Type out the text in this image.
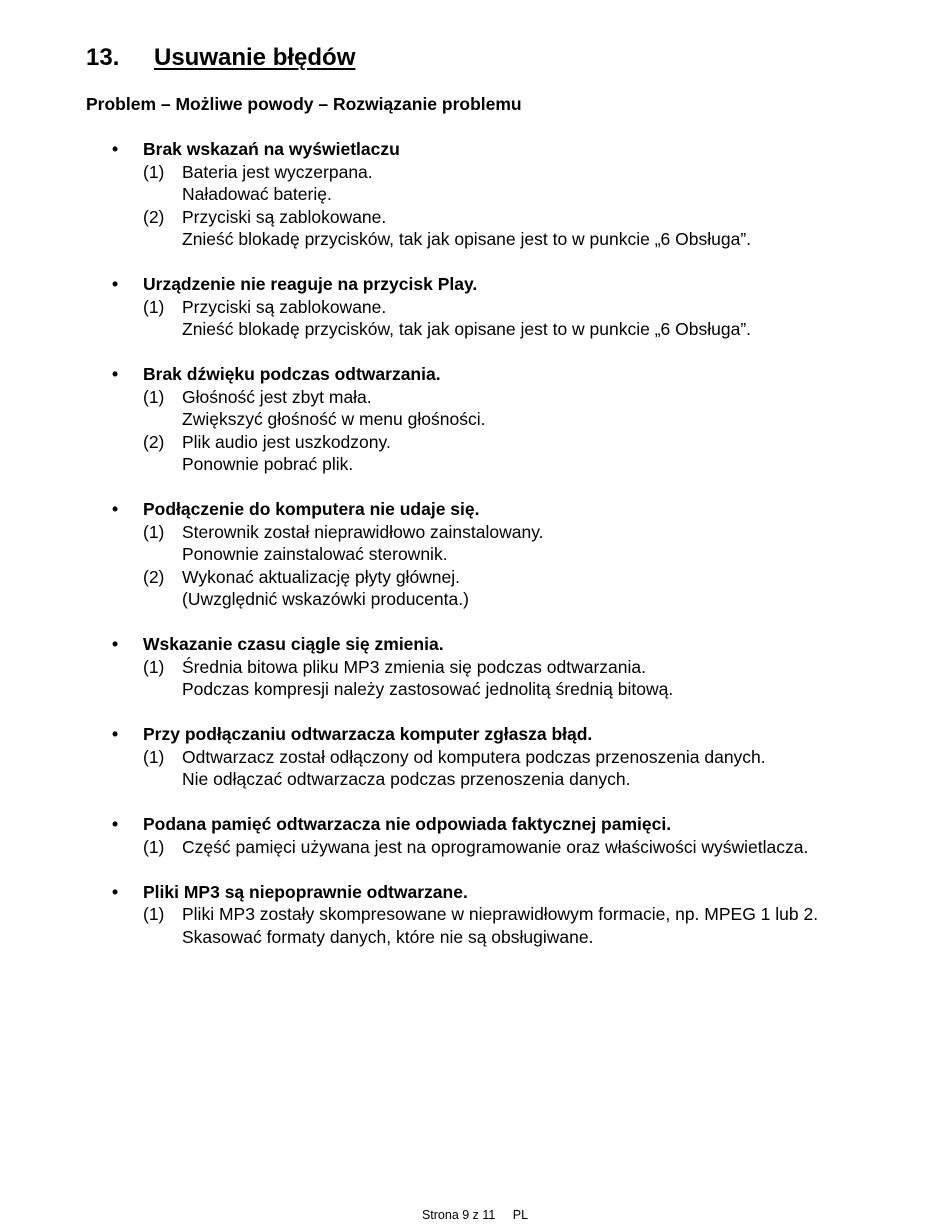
13. Usuwanie błędów
Problem – Możliwe powody – Rozwiązanie problemu
• Brak wskazań na wyświetlaczu
(1) Bateria jest wyczerpana.
Naładować baterię.
(2) Przyciski są zablokowane.
Znieść blokadę przycisków, tak jak opisane jest to w punkcie „6 Obsługa”.
• Urządzenie nie reaguje na przycisk Play.
(1) Przyciski są zablokowane.
Znieść blokadę przycisków, tak jak opisane jest to w punkcie „6 Obsługa”.
• Brak dźwięku podczas odtwarzania.
(1) Głośność jest zbyt mała.
Zwiększyć głośność w menu głośności.
(2) Plik audio jest uszkodzony.
Ponownie pobrać plik.
• Podłączenie do komputera nie udaje się.
(1) Sterownik został nieprawidłowo zainstalowany.
Ponownie zainstalować sterownik.
(2) Wykonać aktualizację płyty głównej.
(Uwzględnić wskazówki producenta.)
• Wskazanie czasu ciągle się zmienia.
(1) Średnia bitowa pliku MP3 zmienia się podczas odtwarzania.
Podczas kompresji należy zastosować jednolitą średnią bitową.
• Przy podłączaniu odtwarzacza komputer zgłasza błąd.
(1) Odtwarzacz został odłączony od komputera podczas przenoszenia danych.
Nie odłączać odtwarzacza podczas przenoszenia danych.
• Podana pamięć odtwarzacza nie odpowiada faktycznej pamięci.
(1) Część pamięci używana jest na oprogramowanie oraz właściwości wyświetlacza.
• Pliki MP3 są niepoprawnie odtwarzane.
(1) Pliki MP3 zostały skompresowane w nieprawidłowym formacie, np. MPEG 1 lub 2.
Skasować formaty danych, które nie są obsługiwane.
Strona 9 z 11 PL
